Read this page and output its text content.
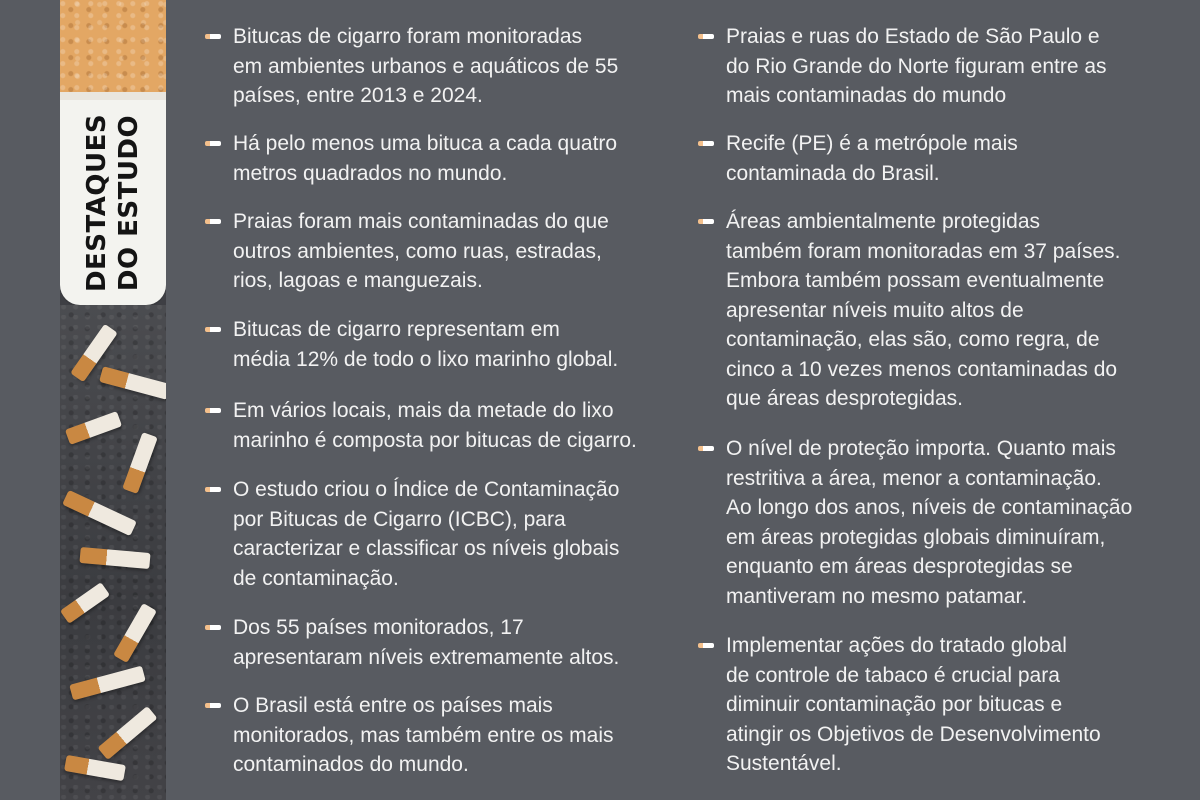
DESTAQUES DO ESTUDO
Bitucas de cigarro foram monitoradas
em ambientes urbanos e aquáticos de 55
países, entre 2013 e 2024.
Há pelo menos uma bituca a cada quatro
metros quadrados no mundo.
Praias foram mais contaminadas do que
outros ambientes, como ruas, estradas,
rios, lagoas e manguezais.
Bitucas de cigarro representam em
média 12% de todo o lixo marinho global.
Em vários locais, mais da metade do lixo
marinho é composta por bitucas de cigarro.
O estudo criou o Índice de Contaminação
por Bitucas de Cigarro (ICBC), para
caracterizar e classificar os níveis globais
de contaminação.
Dos 55 países monitorados, 17
apresentaram níveis extremamente altos.
O Brasil está entre os países mais
monitorados, mas também entre os mais
contaminados do mundo.
Praias e ruas do Estado de São Paulo e
do Rio Grande do Norte figuram entre as
mais contaminadas do mundo
Recife (PE) é a metrópole mais
contaminada do Brasil.
Áreas ambientalmente protegidas
também foram monitoradas em 37 países.
Embora também possam eventualmente
apresentar níveis muito altos de
contaminação, elas são, como regra, de
cinco a 10 vezes menos contaminadas do
que áreas desprotegidas.
O nível de proteção importa. Quanto mais
restritiva a área, menor a contaminação.
Ao longo dos anos, níveis de contaminação
em áreas protegidas globais diminuíram,
enquanto em áreas desprotegidas se
mantiveram no mesmo patamar.
Implementar ações do tratado global
de controle de tabaco é crucial para
diminuir contaminação por bitucas e
atingir os Objetivos de Desenvolvimento
Sustentável.
